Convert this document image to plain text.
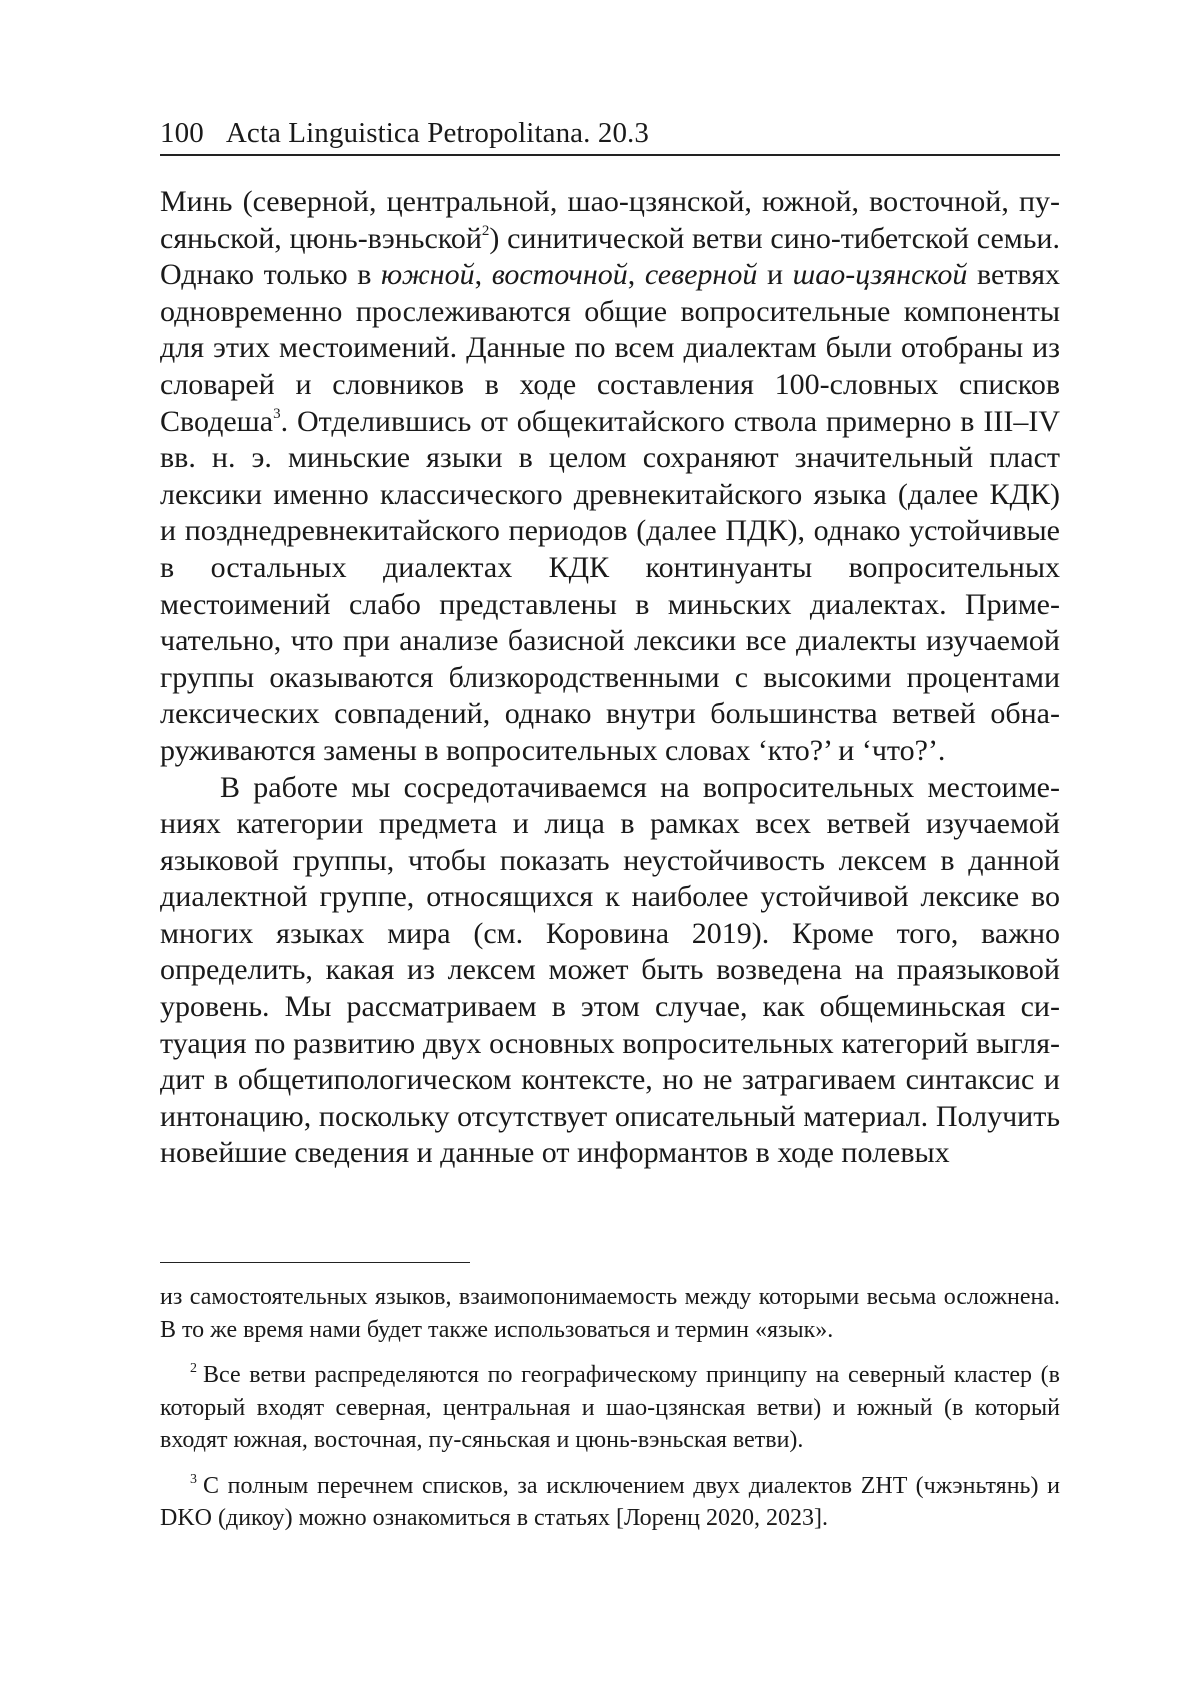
100 Acta Linguistica Petropolitana. 20.3

Минь (северной, центральной, шао-цзянской, южной, восточной, пу-сяньской, цюнь-вэньской2) синитической ветви сино-тибетской семьи. Однако только в южной, восточной, северной и шао-цзян­ской ветвях одновременно прослеживаются общие вопросительные компоненты для этих местоимений. Данные по всем диалектам были отобраны из словарей и словников в ходе составления 100-словных списков Сводеша3. Отделившись от общекитайского ствола примерно в III–IV вв. н. э. миньские языки в целом сохраняют значительный пласт лексики именно классического древнекитайского языка (да­лее КДК) и позднедревнекитайского периодов (далее ПДК), однако устойчивые в остальных диалектах КДК континуанты вопроситель­ных местоимений слабо представлены в миньских диалектах. Приме­чательно, что при анализе базисной лексики все диалекты изучаемой группы оказываются близкородственными с высокими процентами лексических совпадений, однако внутри большинства ветвей обна­руживаются замены в вопросительных словах ‘кто?’ и ‘что?’.

В работе мы сосредотачиваемся на вопросительных местоиме­ниях категории предмета и лица в рамках всех ветвей изучаемой языковой группы, чтобы показать неустойчивость лексем в дан­ной диалектной группе, относящихся к наиболее устойчивой лек­сике во многих языках мира (см. Коровина 2019). Кроме того, важно определить, какая из лексем может быть возведена на праязыковой уровень. Мы рассматриваем в этом случае, как общеминьская си­туация по развитию двух основных вопросительных категорий выгля­дит в общетипологическом контексте, но не затрагиваем синтаксис и интонацию, поскольку отсутствует описательный материал. Полу­чить новейшие сведения и данные от информантов в ходе полевых

из самостоятельных языков, взаимопонимаемость между которыми весьма ос­ложнена. В то же время нами будет также использоваться и термин «язык».

2 Все ветви распределяются по географическому принципу на северный кла­стер (в который входят северная, центральная и шао-цзянская ветви) и юж­ный (в который входят южная, восточная, пу-сяньская и цюнь-вэньская ветви).

3 С полным перечнем списков, за исключением двух диалектов ZHT (чжэнь­тянь) и DKO (дикоу) можно ознакомиться в статьях [Лоренц 2020, 2023].
